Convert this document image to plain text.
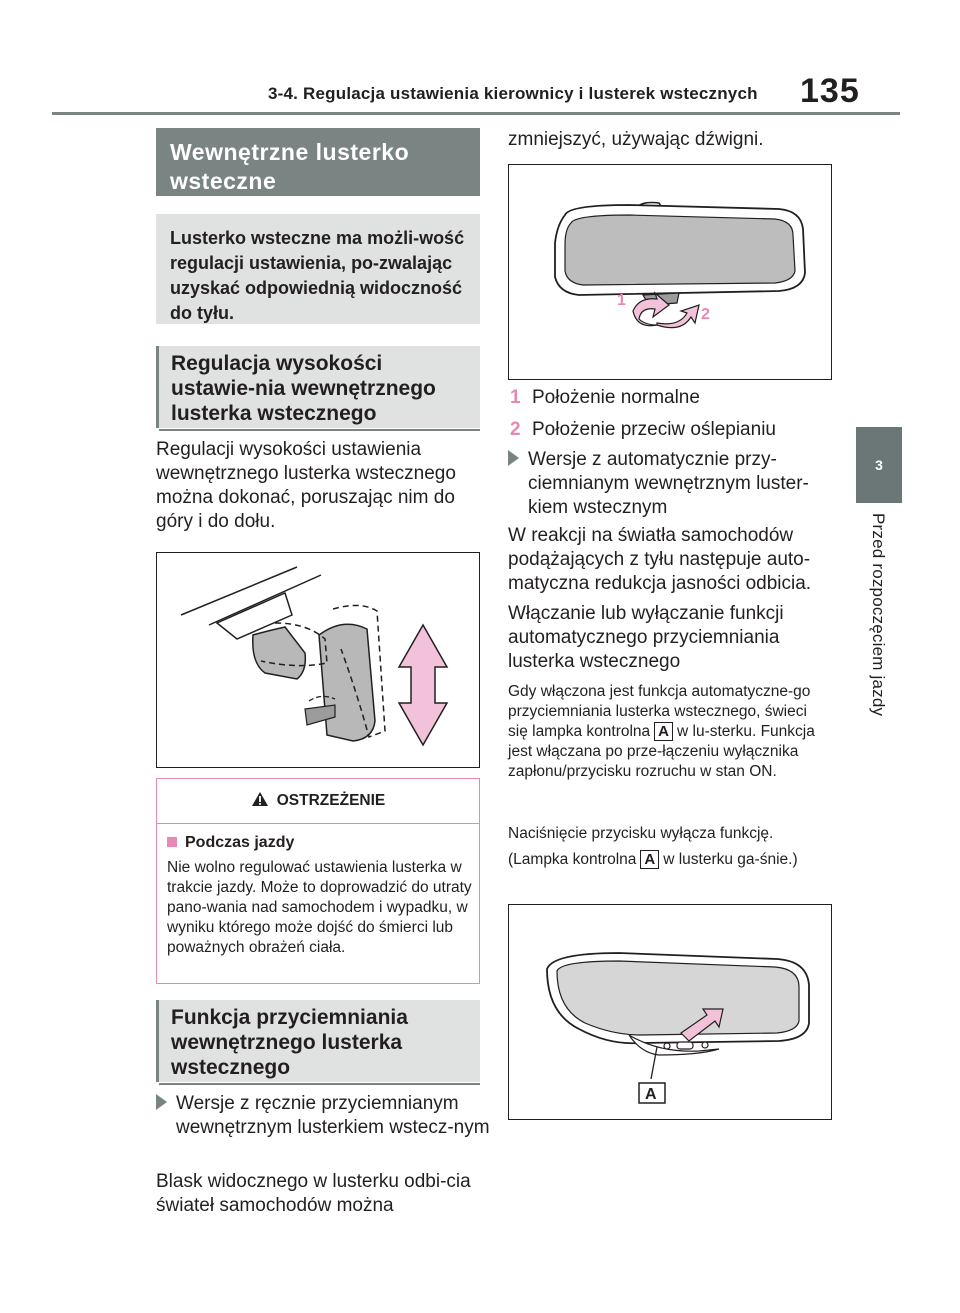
3-4. Regulacja ustawienia kierownicy i lusterek wstecznych 135
3
Przed rozpoczęciem jazdy
Wewnętrzne lusterko wsteczne
Lusterko wsteczne ma możli-wość regulacji ustawienia, po-zwalając uzyskać odpowiednią widoczność do tyłu.
Regulacja wysokości ustawie-nia wewnętrznego lusterka wstecznego
Regulacji wysokości ustawienia wewnętrznego lusterka wstecznego można dokonać, poruszając nim do góry i do dołu.
OSTRZEŻENIE
Podczas jazdy
Nie wolno regulować ustawienia lusterka w trakcie jazdy. Może to doprowadzić do utraty pano-wania nad samochodem i wypadku, w wyniku którego może dojść do śmierci lub poważnych obrażeń ciała.
Funkcja przyciemniania wewnętrznego lusterka wstecznego
Wersje z ręcznie przyciemnianym wewnętrznym lusterkiem wstecz-nym
Blask widocznego w lusterku odbi-cia świateł samochodów można
zmniejszyć, używając dźwigni.
1
2
1 Położenie normalne
2 Położenie przeciw oślepianiu
Wersje z automatycznie przy-ciemnianym wewnętrznym luster-kiem wstecznym
W reakcji na światła samochodów podążających z tyłu następuje auto-matyczna redukcja jasności odbicia.
Włączanie lub wyłączanie funkcji automatycznego przyciemniania lusterka wstecznego
Gdy włączona jest funkcja automatyczne-go przyciemniania lusterka wstecznego, świeci się lampka kontrolna A w lu-sterku. Funkcja jest włączana po prze-łączeniu wyłącznika zapłonu/przycisku rozruchu w stan ON.
Naciśnięcie przycisku wyłącza funkcję.
(Lampka kontrolna A w lusterku ga-śnie.)
A
